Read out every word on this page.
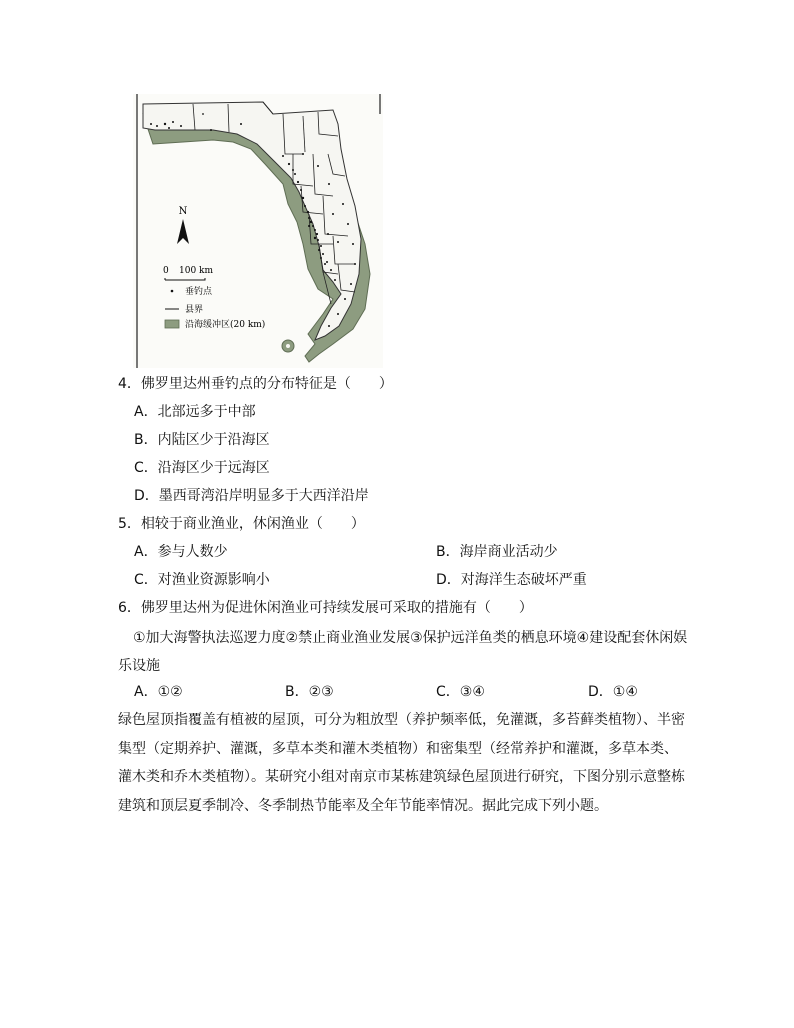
N
0 100 km
垂钓点
县界
沿海缓冲区(20 km)
4．佛罗里达州垂钓点的分布特征是（　　）
A．北部远多于中部
B．内陆区少于沿海区
C．沿海区少于远海区
D．墨西哥湾沿岸明显多于大西洋沿岸
5．相较于商业渔业，休闲渔业（　　）
A．参与人数少	B．海岸商业活动少
C．对渔业资源影响小	D．对海洋生态破坏严重
6．佛罗里达州为促进休闲渔业可持续发展可采取的措施有（　　）
①加大海警执法巡逻力度②禁止商业渔业发展③保护远洋鱼类的栖息环境④建设配套休闲娱乐设施
A．①②	B．②③	C．③④	D．①④
绿色屋顶指覆盖有植被的屋顶，可分为粗放型（养护频率低，免灌溉，多苔藓类植物）、半密集型（定期养护、灌溉，多草本类和灌木类植物）和密集型（经常养护和灌溉，多草本类、灌木类和乔木类植物）。某研究小组对南京市某栋建筑绿色屋顶进行研究，下图分别示意整栋建筑和顶层夏季制冷、冬季制热节能率及全年节能率情况。据此完成下列小题。
